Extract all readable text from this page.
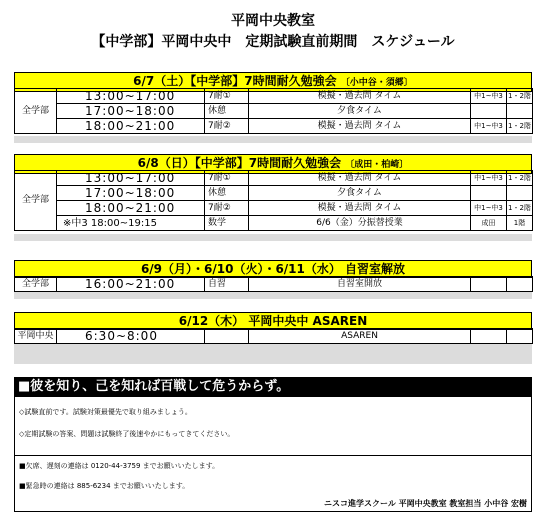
平岡中央教室
【中学部】平岡中央中　定期試験直前期間　スケジュール
6/7（土）【中学部】7時間耐久勉強会 〔小中谷・須郷〕
全学部	13:00~17:00	7耐①	模擬・過去問 タイム	中1~中3	1・2階
	17:00~18:00	休憩	夕食タイム		
	18:00~21:00	7耐②	模擬・過去問 タイム	中1~中3	1・2階
6/8（日）【中学部】7時間耐久勉強会 〔成田・柏崎〕
全学部	13:00~17:00	7耐①	模擬・過去問 タイム	中1~中3	1・2階
	17:00~18:00	休憩	夕食タイム		
	18:00~21:00	7耐②	模擬・過去問 タイム	中1~中3	1・2階
	※中3 18:00~19:15	数学	6/6（金）分振替授業	成田	1階
6/9（月）・6/10（火）・6/11（水） 自習室解放
全学部	16:00~21:00	自習	自習室開放		
6/12（木） 平岡中央中 ASAREN
平岡中央	6:30~8:00		ASAREN		
■彼を知り、己を知れば百戦して危うからず。
◇試験直前です。試験対策最優先で取り組みましょう。
◇定期試験の答案、問題は試験終了後速やかにもってきてください。
■欠席、遅刻の連絡は 0120-44-3759 までお願いいたします。
■緊急時の連絡は 885-6234 までお願いいたします。
ニスコ進学スクール 平岡中央教室 教室担当 小中谷 宏樹
